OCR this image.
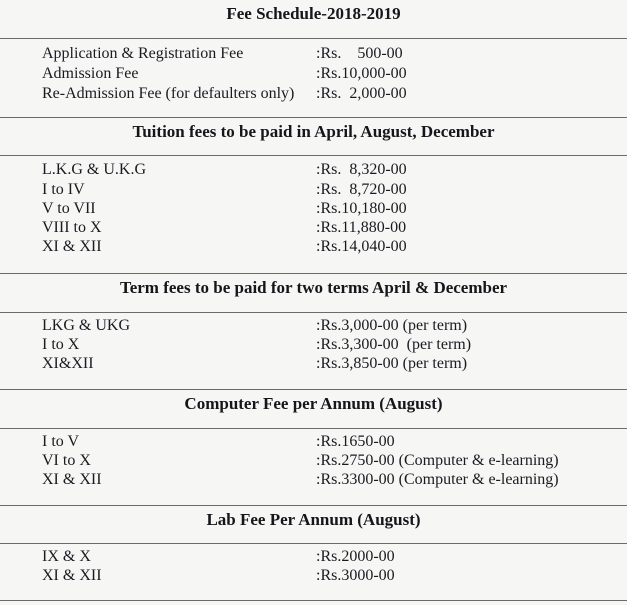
Fee Schedule-2018-2019
Application & Registration Fee	:Rs.    500-00
Admission Fee	:Rs.10,000-00
Re-Admission Fee (for defaulters only) :Rs.  2,000-00
Tuition fees to be paid in April, August, December
L.K.G & U.K.G	:Rs.  8,320-00
I to IV	:Rs.  8,720-00
V to VII	:Rs.10,180-00
VIII to X	:Rs.11,880-00
XI & XII	:Rs.14,040-00
Term fees to be paid for two terms April & December
LKG & UKG	:Rs.3,000-00 (per term)
I to X	:Rs.3,300-00  (per term)
XI&XII	:Rs.3,850-00 (per term)
Computer Fee per Annum (August)
I to V	:Rs.1650-00
VI to X	:Rs.2750-00 (Computer & e-learning)
XI & XII	:Rs.3300-00 (Computer & e-learning)
Lab Fee Per Annum (August)
IX & X	:Rs.2000-00
XI & XII	:Rs.3000-00
